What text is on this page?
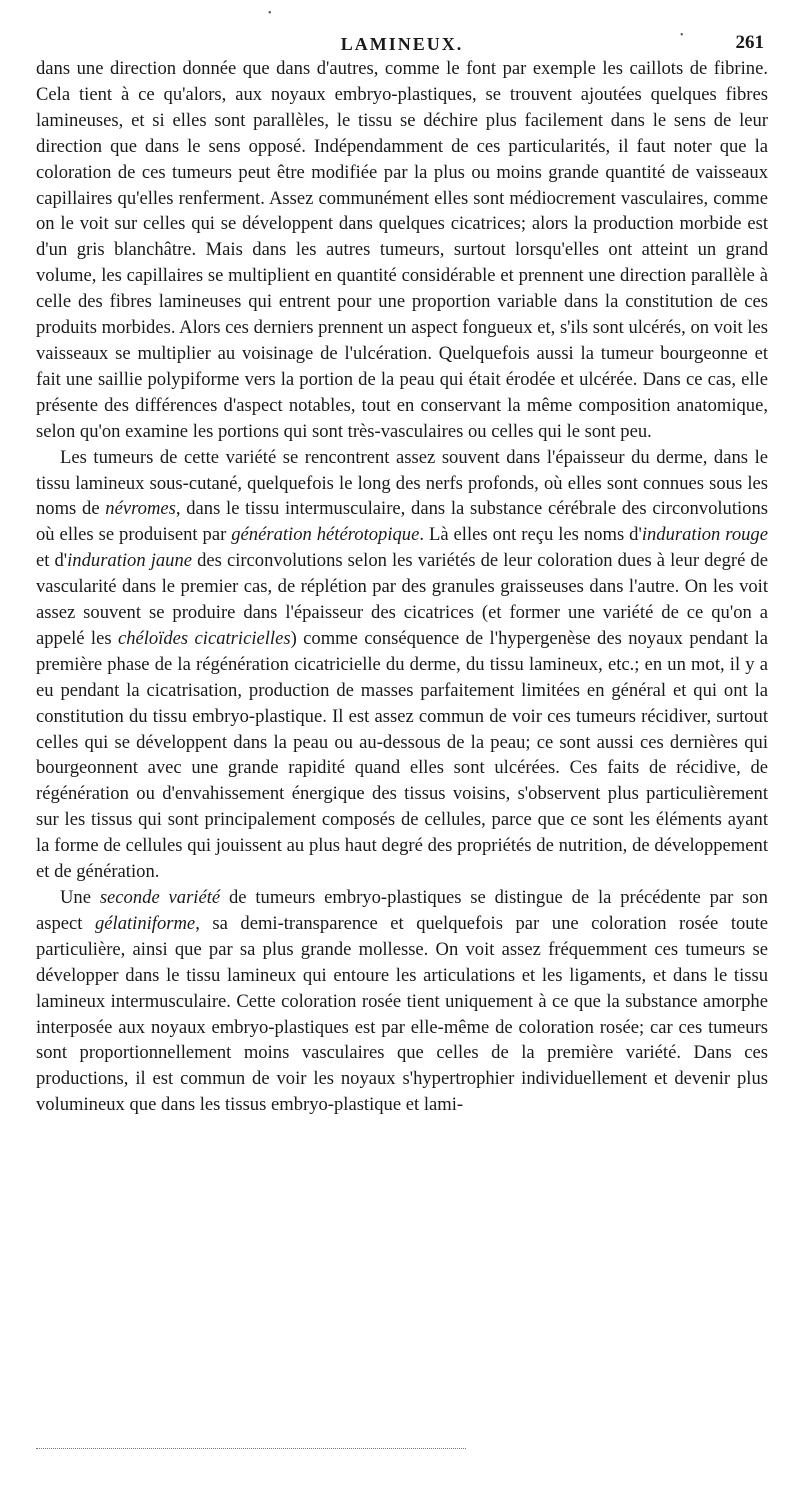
•
•
LAMINEUX.	261

dans une direction donnée que dans d'autres, comme le font par exemple les caillots de fibrine. Cela tient à ce qu'alors, aux noyaux embryo-plastiques, se trouvent ajoutées quelques fibres lamineuses, et si elles sont parallèles, le tissu se déchire plus facilement dans le sens de leur direction que dans le sens opposé. Indépendamment de ces particularités, il faut noter que la coloration de ces tumeurs peut être modifiée par la plus ou moins grande quantité de vaisseaux capillaires qu'elles renferment. Assez communément elles sont médiocrement vasculaires, comme on le voit sur celles qui se développent dans quelques cicatrices; alors la production morbide est d'un gris blanchâtre. Mais dans les autres tumeurs, surtout lorsqu'elles ont atteint un grand volume, les capillaires se multiplient en quantité considérable et prennent une direction parallèle à celle des fibres lamineuses qui entrent pour une proportion variable dans la constitution de ces produits morbides. Alors ces derniers prennent un aspect fongueux et, s'ils sont ulcérés, on voit les vaisseaux se multiplier au voisinage de l'ulcération. Quelquefois aussi la tumeur bourgeonne et fait une saillie polypiforme vers la portion de la peau qui était érodée et ulcérée. Dans ce cas, elle présente des différences d'aspect notables, tout en conservant la même composition anatomique, selon qu'on examine les portions qui sont très-vasculaires ou celles qui le sont peu.

Les tumeurs de cette variété se rencontrent assez souvent dans l'épaisseur du derme, dans le tissu lamineux sous-cutané, quelquefois le long des nerfs profonds, où elles sont connues sous les noms de névromes, dans le tissu intermusculaire, dans la substance cérébrale des circonvolutions où elles se produisent par génération hétérotopique. Là elles ont reçu les noms d'induration rouge et d'induration jaune des circonvolutions selon les variétés de leur coloration dues à leur degré de vascularité dans le premier cas, de réplétion par des granules graisseuses dans l'autre. On les voit assez souvent se produire dans l'épaisseur des cicatrices (et former une variété de ce qu'on a appelé les chéloïdes cicatricielles) comme conséquence de l'hypergenèse des noyaux pendant la première phase de la régénération cicatricielle du derme, du tissu lamineux, etc.; en un mot, il y a eu pendant la cicatrisation, production de masses parfaitement limitées en général et qui ont la constitution du tissu embryo-plastique. Il est assez commun de voir ces tumeurs récidiver, surtout celles qui se développent dans la peau ou au-dessous de la peau; ce sont aussi ces dernières qui bourgeonnent avec une grande rapidité quand elles sont ulcérées. Ces faits de récidive, de régénération ou d'envahissement énergique des tissus voisins, s'observent plus particulièrement sur les tissus qui sont principalement composés de cellules, parce que ce sont les éléments ayant la forme de cellules qui jouissent au plus haut degré des propriétés de nutrition, de développement et de génération.

Une seconde variété de tumeurs embryo-plastiques se distingue de la précédente par son aspect gélatiniforme, sa demi-transparence et quelquefois par une coloration rosée toute particulière, ainsi que par sa plus grande mollesse. On voit assez fréquemment ces tumeurs se développer dans le tissu lamineux qui entoure les articulations et les ligaments, et dans le tissu lamineux intermusculaire. Cette coloration rosée tient uniquement à ce que la substance amorphe interposée aux noyaux embryo-plastiques est par elle-même de coloration rosée; car ces tumeurs sont proportionnellement moins vasculaires que celles de la première variété. Dans ces productions, il est commun de voir les noyaux s'hypertrophier individuellement et devenir plus volumineux que dans les tissus embryo-plastique et lami-
